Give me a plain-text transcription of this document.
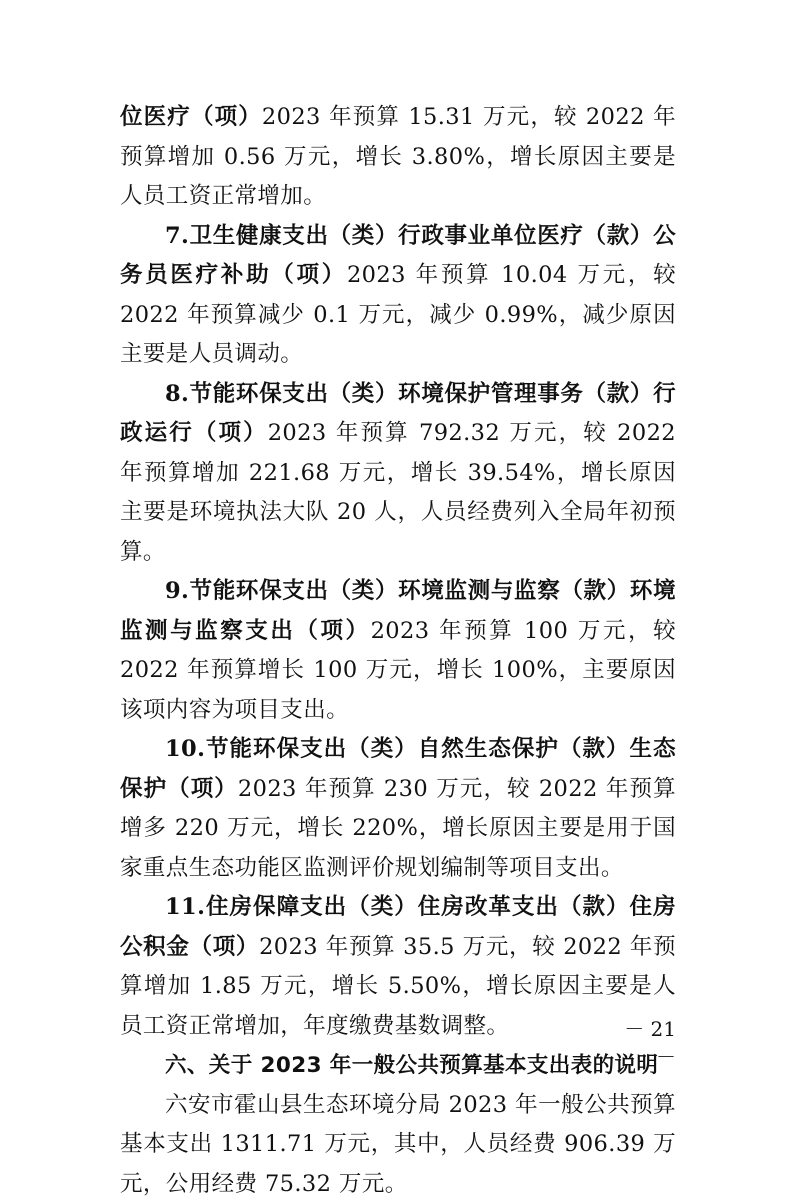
位医疗（项）2023 年预算 15.31 万元，较 2022 年预算增加 0.56 万元，增长 3.80%，增长原因主要是人员工资正常增加。

7.卫生健康支出（类）行政事业单位医疗（款）公务员医疗补助（项）2023 年预算 10.04 万元，较 2022 年预算减少 0.1 万元，减少 0.99%，减少原因主要是人员调动。

8.节能环保支出（类）环境保护管理事务（款）行政运行（项）2023 年预算 792.32 万元，较 2022 年预算增加 221.68 万元，增长 39.54%，增长原因主要是环境执法大队 20 人，人员经费列入全局年初预算。

9.节能环保支出（类）环境监测与监察（款）环境监测与监察支出（项）2023 年预算 100 万元，较 2022 年预算增长 100 万元，增长 100%，主要原因该项内容为项目支出。

10.节能环保支出（类）自然生态保护（款）生态保护（项）2023 年预算 230 万元，较 2022 年预算增多 220 万元，增长 220%，增长原因主要是用于国家重点生态功能区监测评价规划编制等项目支出。

11.住房保障支出（类）住房改革支出（款）住房公积金（项）2023 年预算 35.5 万元，较 2022 年预算增加 1.85 万元，增长 5.50%，增长原因主要是人员工资正常增加，年度缴费基数调整。

六、关于 2023 年一般公共预算基本支出表的说明

六安市霍山县生态环境分局 2023 年一般公共预算基本支出 1311.71 万元，其中，人员经费 906.39 万元，公用经费 75.32 万元。

－ 21 －
